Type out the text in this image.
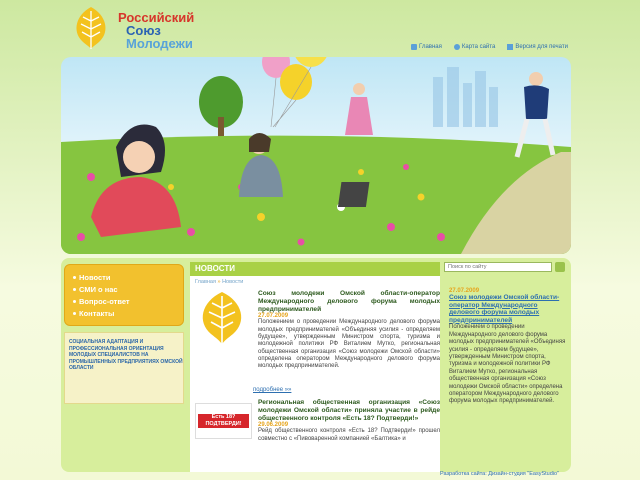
Российский
Союз
Молодежи	Главная	Карта сайта	Версия для печати
Новости
СМИ о нас
Вопрос-ответ
Контакты
СОЦИАЛЬНАЯ АДАПТАЦИЯ И ПРОФЕССИОНАЛЬНАЯ ОРИЕНТАЦИЯ МОЛОДЫХ СПЕЦИАЛИСТОВ НА ПРОМЫШЛЕННЫХ ПРЕДПРИЯТИЯХ ОМСКОЙ ОБЛАСТИ
НОВОСТИ
Главная » Новости
Союз молодежи Омской области-оператор Международного делового форума молодых предпринимателей
27.07.2009
Положением о проведении Международного делового форума молодых предпринимателей «Объединяя усилия - определяем будущее», утвержденным Министром спорта, туризма и молодежной политики РФ Виталием Мутко, региональная общественная организация «Союз молодежи Омской области» определена оператором Международного делового форума молодых предпринимателей.
подробнее »»
Есть 18? ПОДТВЕРДИ!
Региональная общественная организация «Союз молодежи Омской области» приняла участие в рейде общественного контроля «Есть 18? Подтверди!»
29.06.2009
Рейд общественного контроля «Есть 18? Подтверди!» прошел совместно с «Пивоваренной компанией «Балтика» и
Поиск по сайту
27.07.2009
Союз молодежи Омской области-оператор Международного делового форума молодых предпринимателей
Положением о проведении Международного делового форума молодых предпринимателей «Объединяя усилия - определяем будущее», утвержденным Министром спорта, туризма и молодежной политики РФ Виталием Мутко, региональная общественная организация «Союз молодежи Омской области» определена оператором Международного делового форума молодых предпринимателей.
Разработка сайта: Дизайн-студия "EasyStudio"
